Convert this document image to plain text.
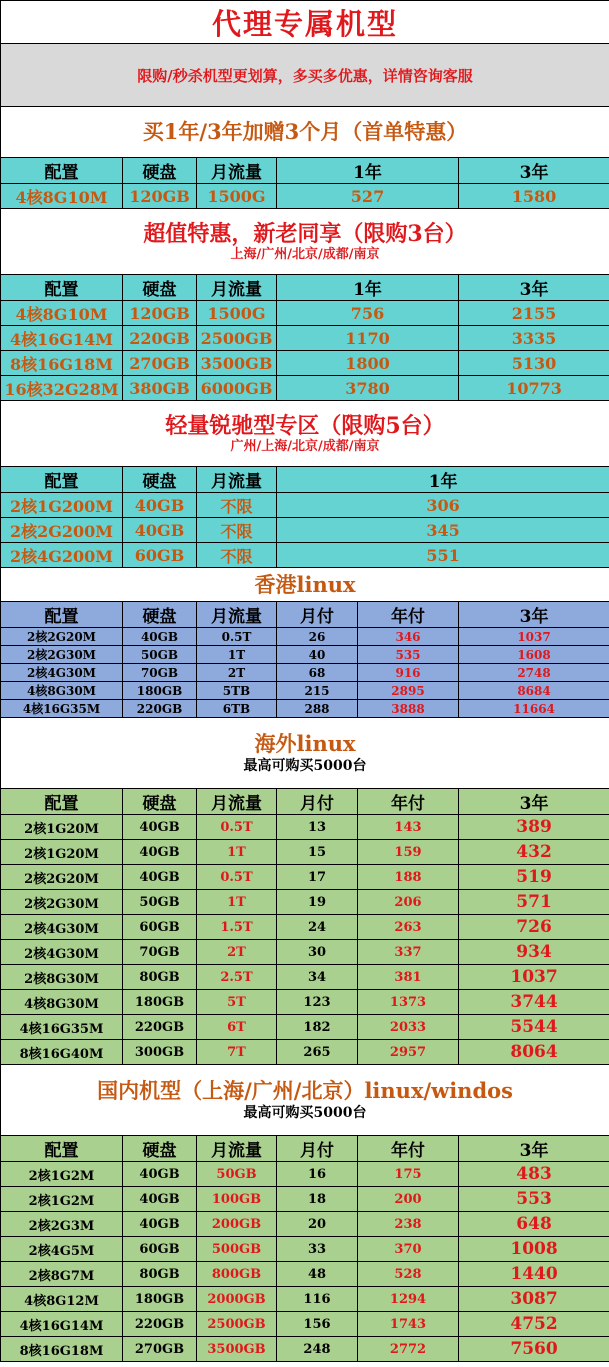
代理专属机型					
限购/秒杀机型更划算，多买多优惠，详情咨询客服					

买1年/3年加赠3个月（首单特惠）					

配置	硬盘	月流量	1年		3年
4核8G10M	120GB	1500G	527		1580

超值特惠，新老同享（限购3台）
上海/广州/北京/成都/南京					

配置	硬盘	月流量	1年		3年
4核8G10M	120GB	1500G	756		2155
4核16G14M	220GB	2500GB	1170		3335
8核16G18M	270GB	3500GB	1800		5130
16核32G28M	380GB	6000GB	3780		10773

轻量锐驰型专区（限购5台）
广州/上海/北京/成都/南京					

配置	硬盘	月流量	1年		
2核1G200M	40GB	不限	306		
2核2G200M	40GB	不限	345		
2核4G200M	60GB	不限	551		

香港linux					

配置	硬盘	月流量	月付	年付	3年
2核2G20M	40GB	0.5T	26	346	1037
2核2G30M	50GB	1T	40	535	1608
2核4G30M	70GB	2T	68	916	2748
4核8G30M	180GB	5TB	215	2895	8684
4核16G35M	220GB	6TB	288	3888	11664

海外linux
最高可购买5000台					

配置	硬盘	月流量	月付	年付	3年
2核1G20M	40GB	0.5T	13	143	389
2核1G20M	40GB	1T	15	159	432
2核2G20M	40GB	0.5T	17	188	519
2核2G30M	50GB	1T	19	206	571
2核4G30M	60GB	1.5T	24	263	726
2核4G30M	70GB	2T	30	337	934
2核8G30M	80GB	2.5T	34	381	1037
4核8G30M	180GB	5T	123	1373	3744
4核16G35M	220GB	6T	182	2033	5544
8核16G40M	300GB	7T	265	2957	8064

国内机型（上海/广州/北京）linux/windos
最高可购买5000台					

配置	硬盘	月流量	月付	年付	3年
2核1G2M	40GB	50GB	16	175	483
2核1G2M	40GB	100GB	18	200	553
2核2G3M	40GB	200GB	20	238	648
2核4G5M	60GB	500GB	33	370	1008
2核8G7M	80GB	800GB	48	528	1440
4核8G12M	180GB	2000GB	116	1294	3087
4核16G14M	220GB	2500GB	156	1743	4752
8核16G18M	270GB	3500GB	248	2772	7560
